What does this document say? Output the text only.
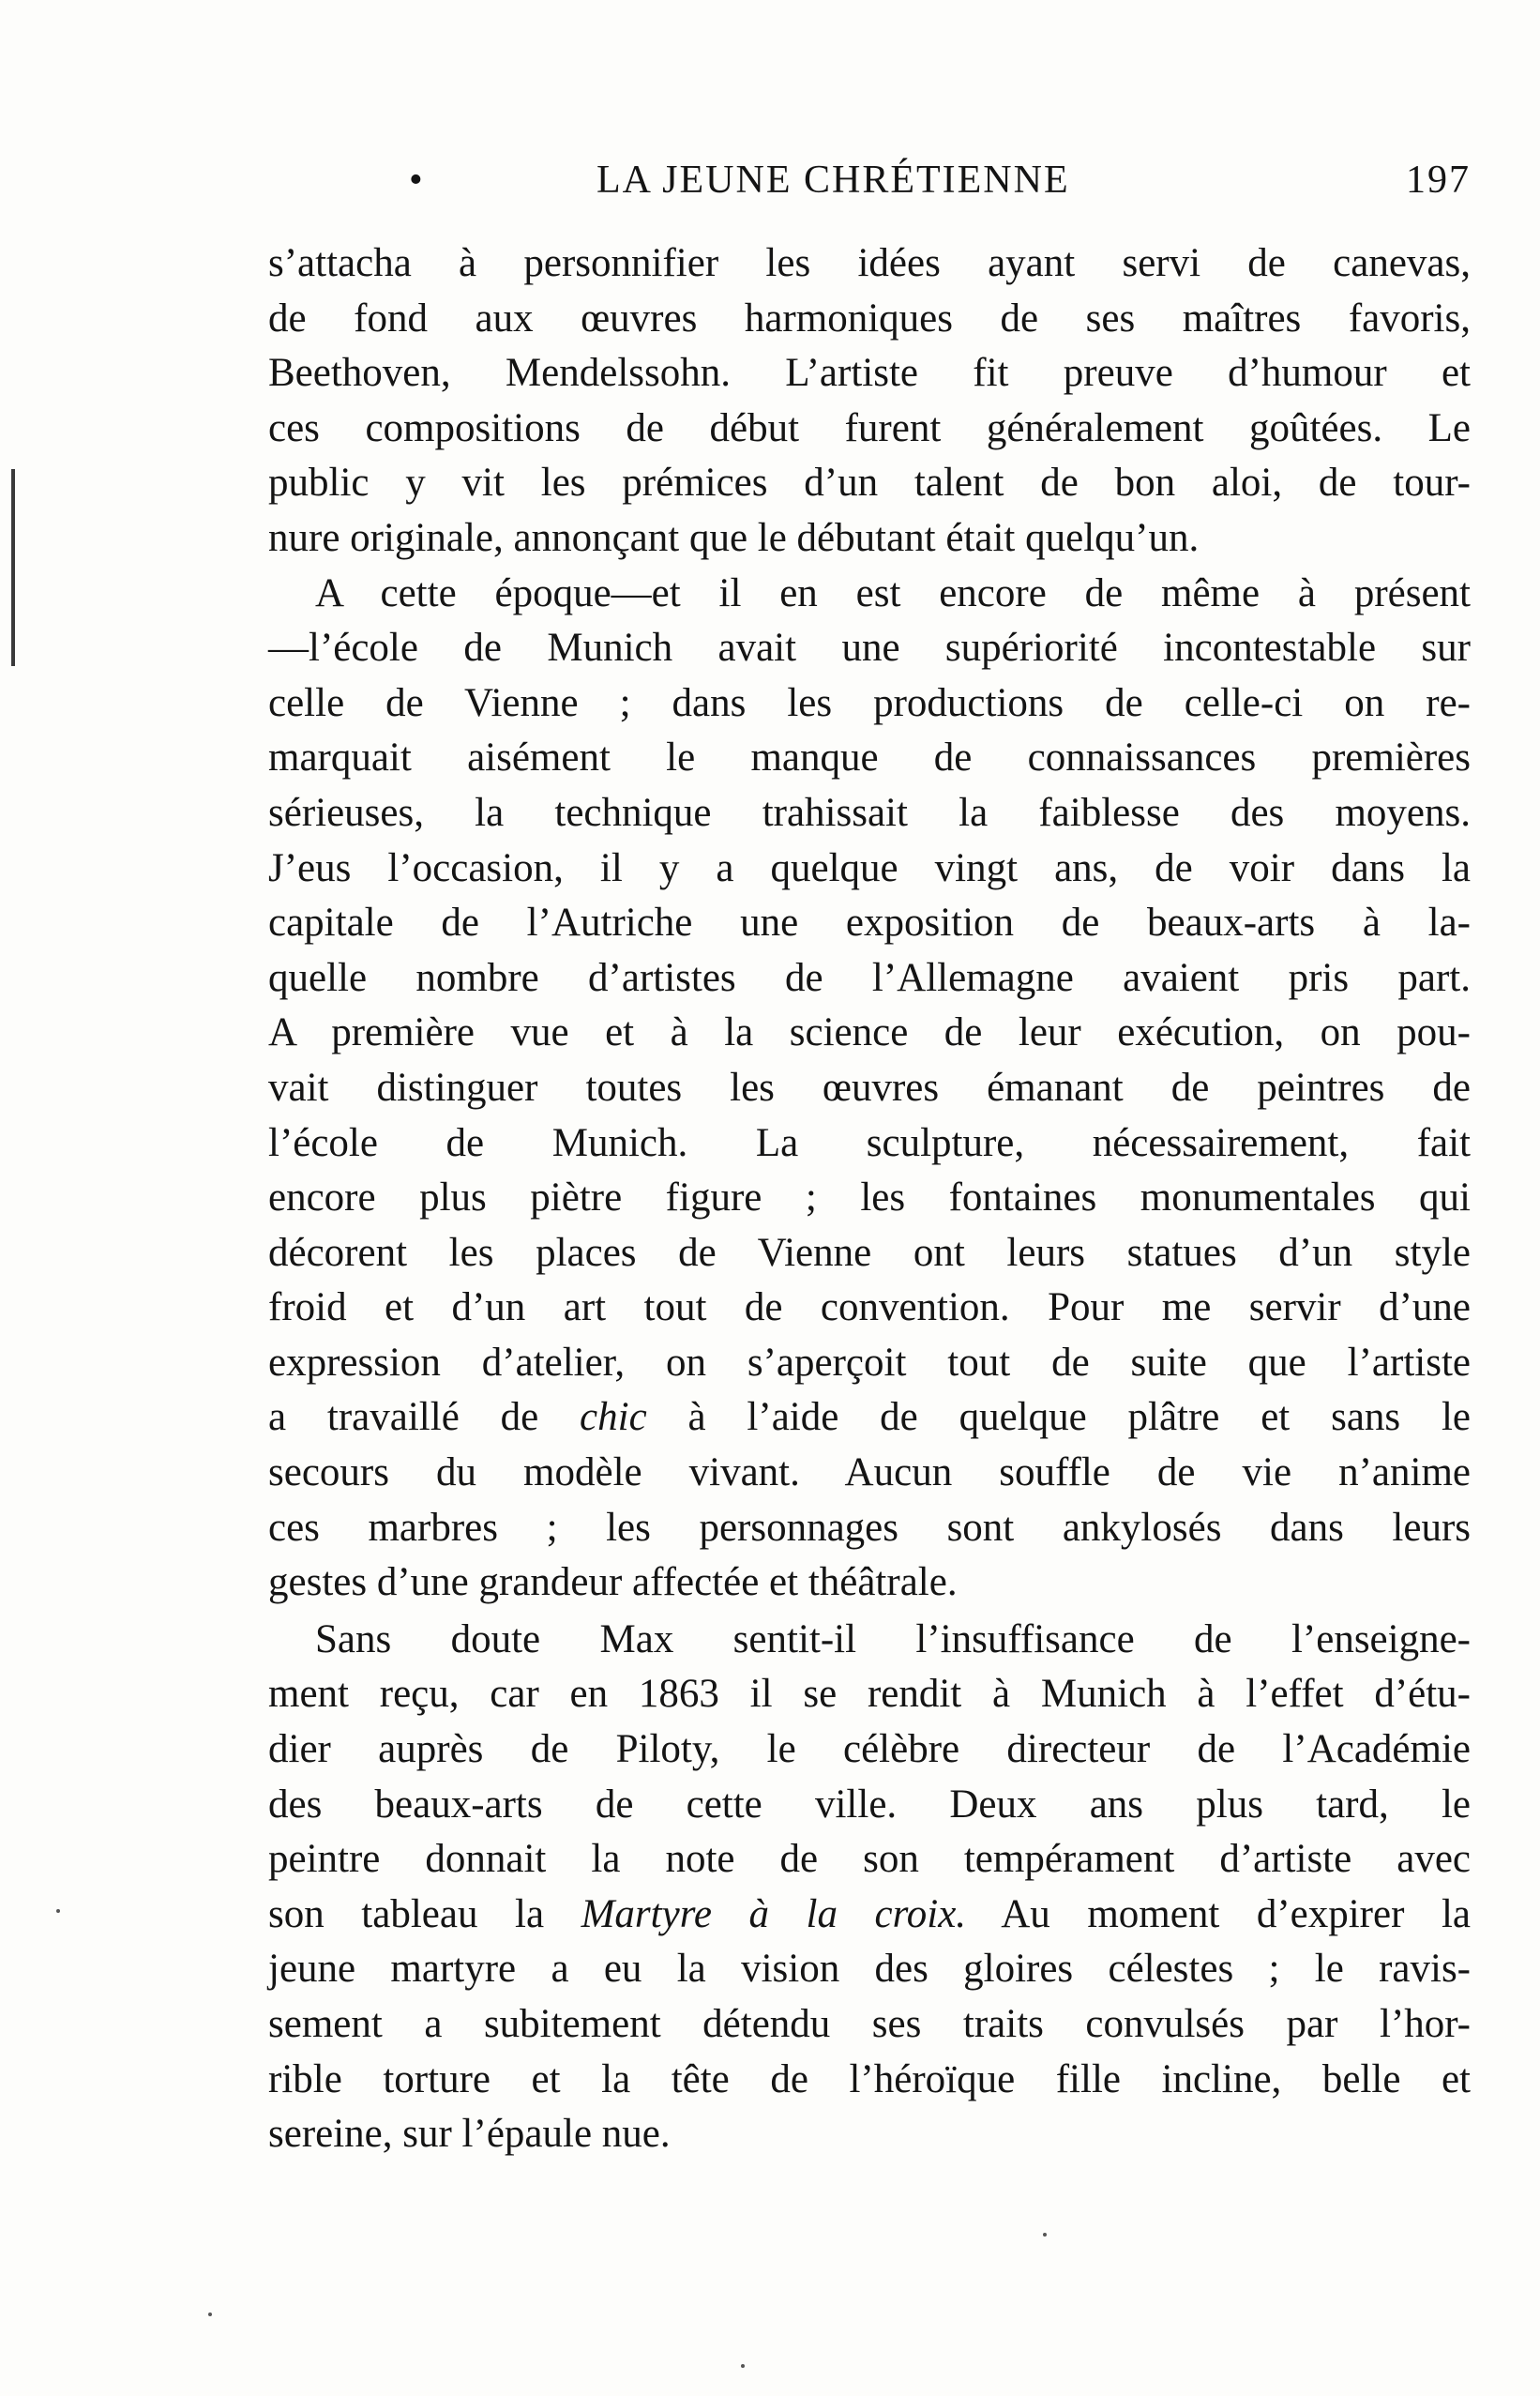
•	LA JEUNE CHRÉTIENNE	197
s’attacha à personnifier les idées ayant servi de canevas,
de fond aux œuvres harmoniques de ses maîtres favoris,
Beethoven, Mendelssohn. L’artiste fit preuve d’humour et
ces compositions de début furent généralement goûtées. Le
public y vit les prémices d’un talent de bon aloi, de tour-
nure originale, annonçant que le débutant était quelqu’un.
A cette époque—et il en est encore de même à présent
—l’école de Munich avait une supériorité incontestable sur
celle de Vienne ; dans les productions de celle-ci on re-
marquait aisément le manque de connaissances premières
sérieuses, la technique trahissait la faiblesse des moyens.
J’eus l’occasion, il y a quelque vingt ans, de voir dans la
capitale de l’Autriche une exposition de beaux-arts à la-
quelle nombre d’artistes de l’Allemagne avaient pris part.
A première vue et à la science de leur exécution, on pou-
vait distinguer toutes les œuvres émanant de peintres de
l’école de Munich. La sculpture, nécessairement, fait
encore plus piètre figure ; les fontaines monumentales qui
décorent les places de Vienne ont leurs statues d’un style
froid et d’un art tout de convention. Pour me servir d’une
expression d’atelier, on s’aperçoit tout de suite que l’artiste
a travaillé de chic à l’aide de quelque plâtre et sans le
secours du modèle vivant. Aucun souffle de vie n’anime
ces marbres ; les personnages sont ankylosés dans leurs
gestes d’une grandeur affectée et théâtrale.
Sans doute Max sentit-il l’insuffisance de l’enseigne-
ment reçu, car en 1863 il se rendit à Munich à l’effet d’étu-
dier auprès de Piloty, le célèbre directeur de l’Académie
des beaux-arts de cette ville. Deux ans plus tard, le
peintre donnait la note de son tempérament d’artiste avec
son tableau la Martyre à la croix. Au moment d’expirer la
jeune martyre a eu la vision des gloires célestes ; le ravis-
sement a subitement détendu ses traits convulsés par l’hor-
rible torture et la tête de l’héroïque fille incline, belle et
sereine, sur l’épaule nue.
